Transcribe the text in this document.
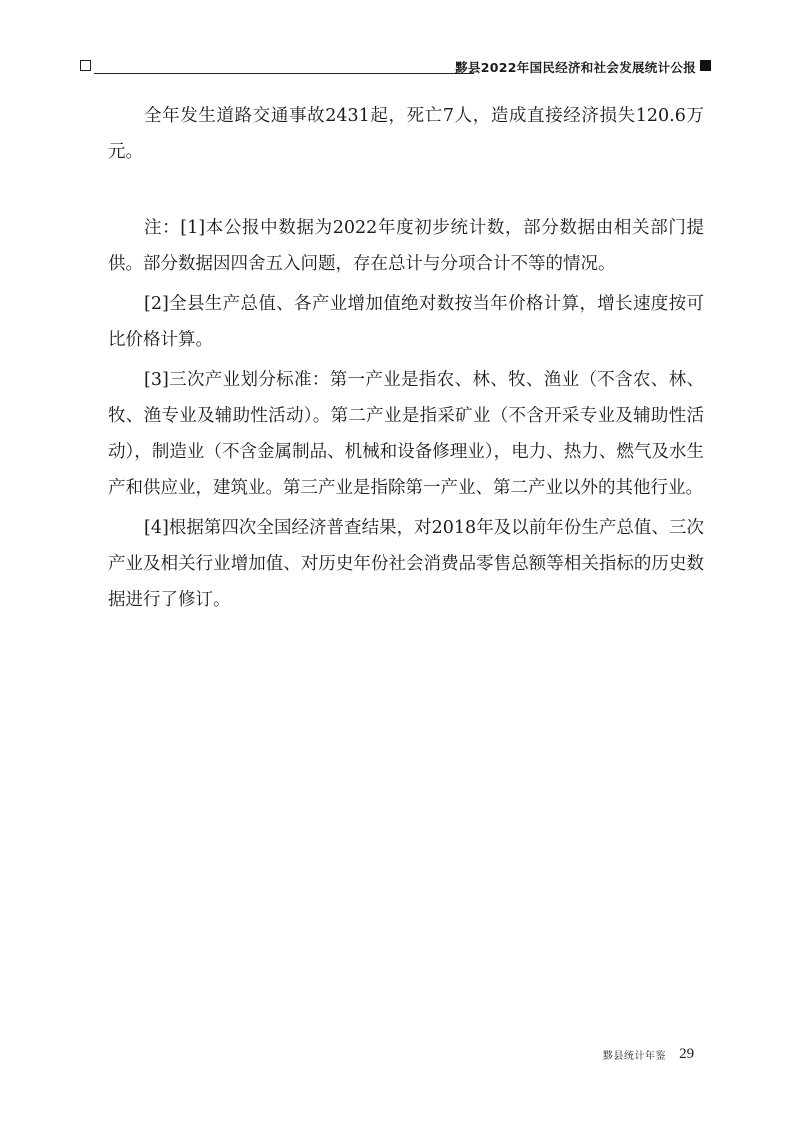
黟县2022年国民经济和社会发展统计公报

全年发生道路交通事故2431起，死亡7人，造成直接经济损失120.6万元。

注：[1]本公报中数据为2022年度初步统计数，部分数据由相关部门提供。部分数据因四舍五入问题，存在总计与分项合计不等的情况。

[2]全县生产总值、各产业增加值绝对数按当年价格计算，增长速度按可比价格计算。

[3]三次产业划分标准：第一产业是指农、林、牧、渔业（不含农、林、牧、渔专业及辅助性活动）。第二产业是指采矿业（不含开采专业及辅助性活动），制造业（不含金属制品、机械和设备修理业），电力、热力、燃气及水生产和供应业，建筑业。第三产业是指除第一产业、第二产业以外的其他行业。

[4]根据第四次全国经济普查结果，对2018年及以前年份生产总值、三次产业及相关行业增加值、对历史年份社会消费品零售总额等相关指标的历史数据进行了修订。

黟县统计年鉴 29
